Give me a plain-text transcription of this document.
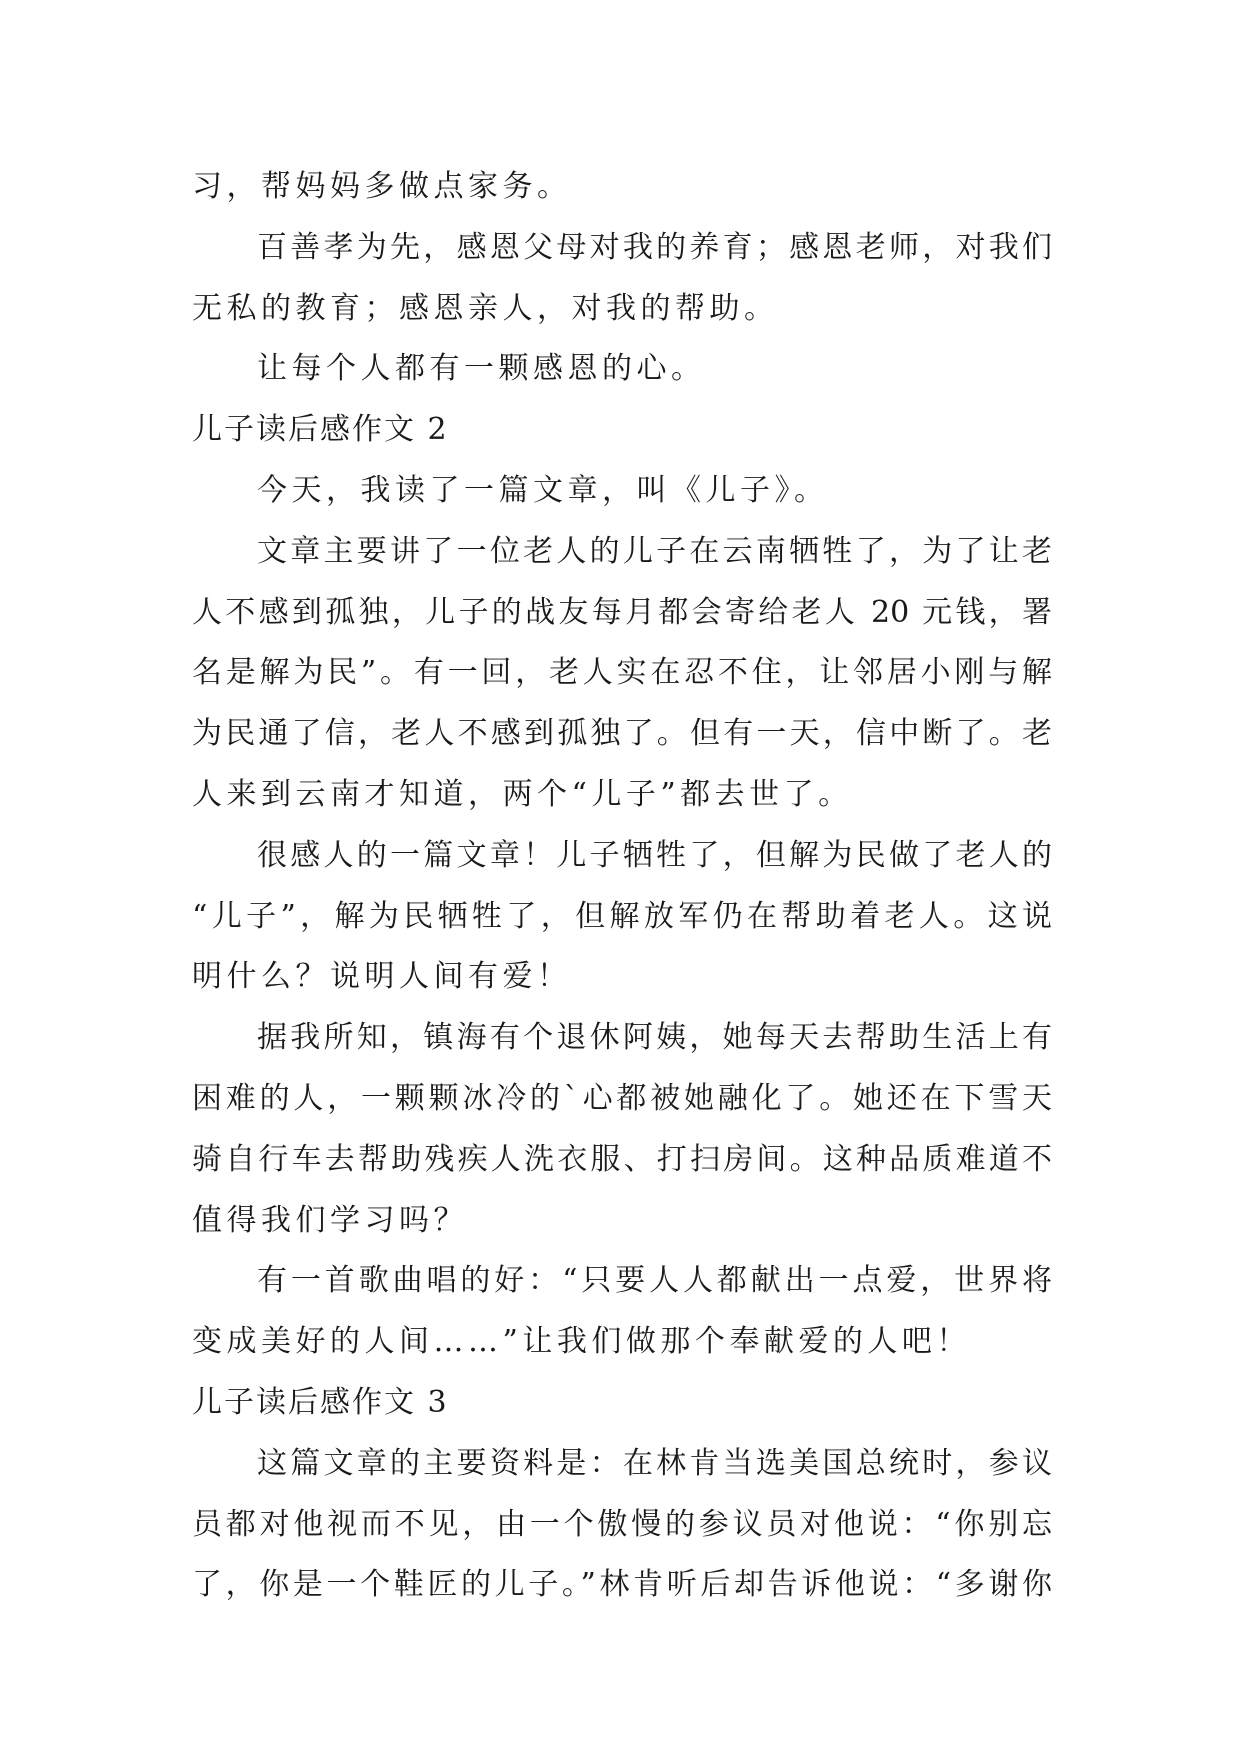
习，帮妈妈多做点家务。
百善孝为先，感恩父母对我的养育；感恩老师，对我们
无私的教育；感恩亲人，对我的帮助。
让每个人都有一颗感恩的心。
儿子读后感作文 2
今天，我读了一篇文章，叫《儿子》。
文章主要讲了一位老人的儿子在云南牺牲了，为了让老
人不感到孤独，儿子的战友每月都会寄给老人 20 元钱，署
名是解为民”。有一回，老人实在忍不住，让邻居小刚与解
为民通了信，老人不感到孤独了。但有一天，信中断了。老
人来到云南才知道，两个“儿子”都去世了。
很感人的一篇文章！儿子牺牲了，但解为民做了老人的
“儿子”，解为民牺牲了，但解放军仍在帮助着老人。这说
明什么？说明人间有爱！
据我所知，镇海有个退休阿姨，她每天去帮助生活上有
困难的人，一颗颗冰冷的`心都被她融化了。她还在下雪天
骑自行车去帮助残疾人洗衣服、打扫房间。这种品质难道不
值得我们学习吗？
有一首歌曲唱的好：“只要人人都献出一点爱，世界将
变成美好的人间……”让我们做那个奉献爱的人吧！
儿子读后感作文 3
这篇文章的主要资料是：在林肯当选美国总统时，参议
员都对他视而不见，由一个傲慢的参议员对他说：“你别忘
了，你是一个鞋匠的儿子。”林肯听后却告诉他说：“多谢你
